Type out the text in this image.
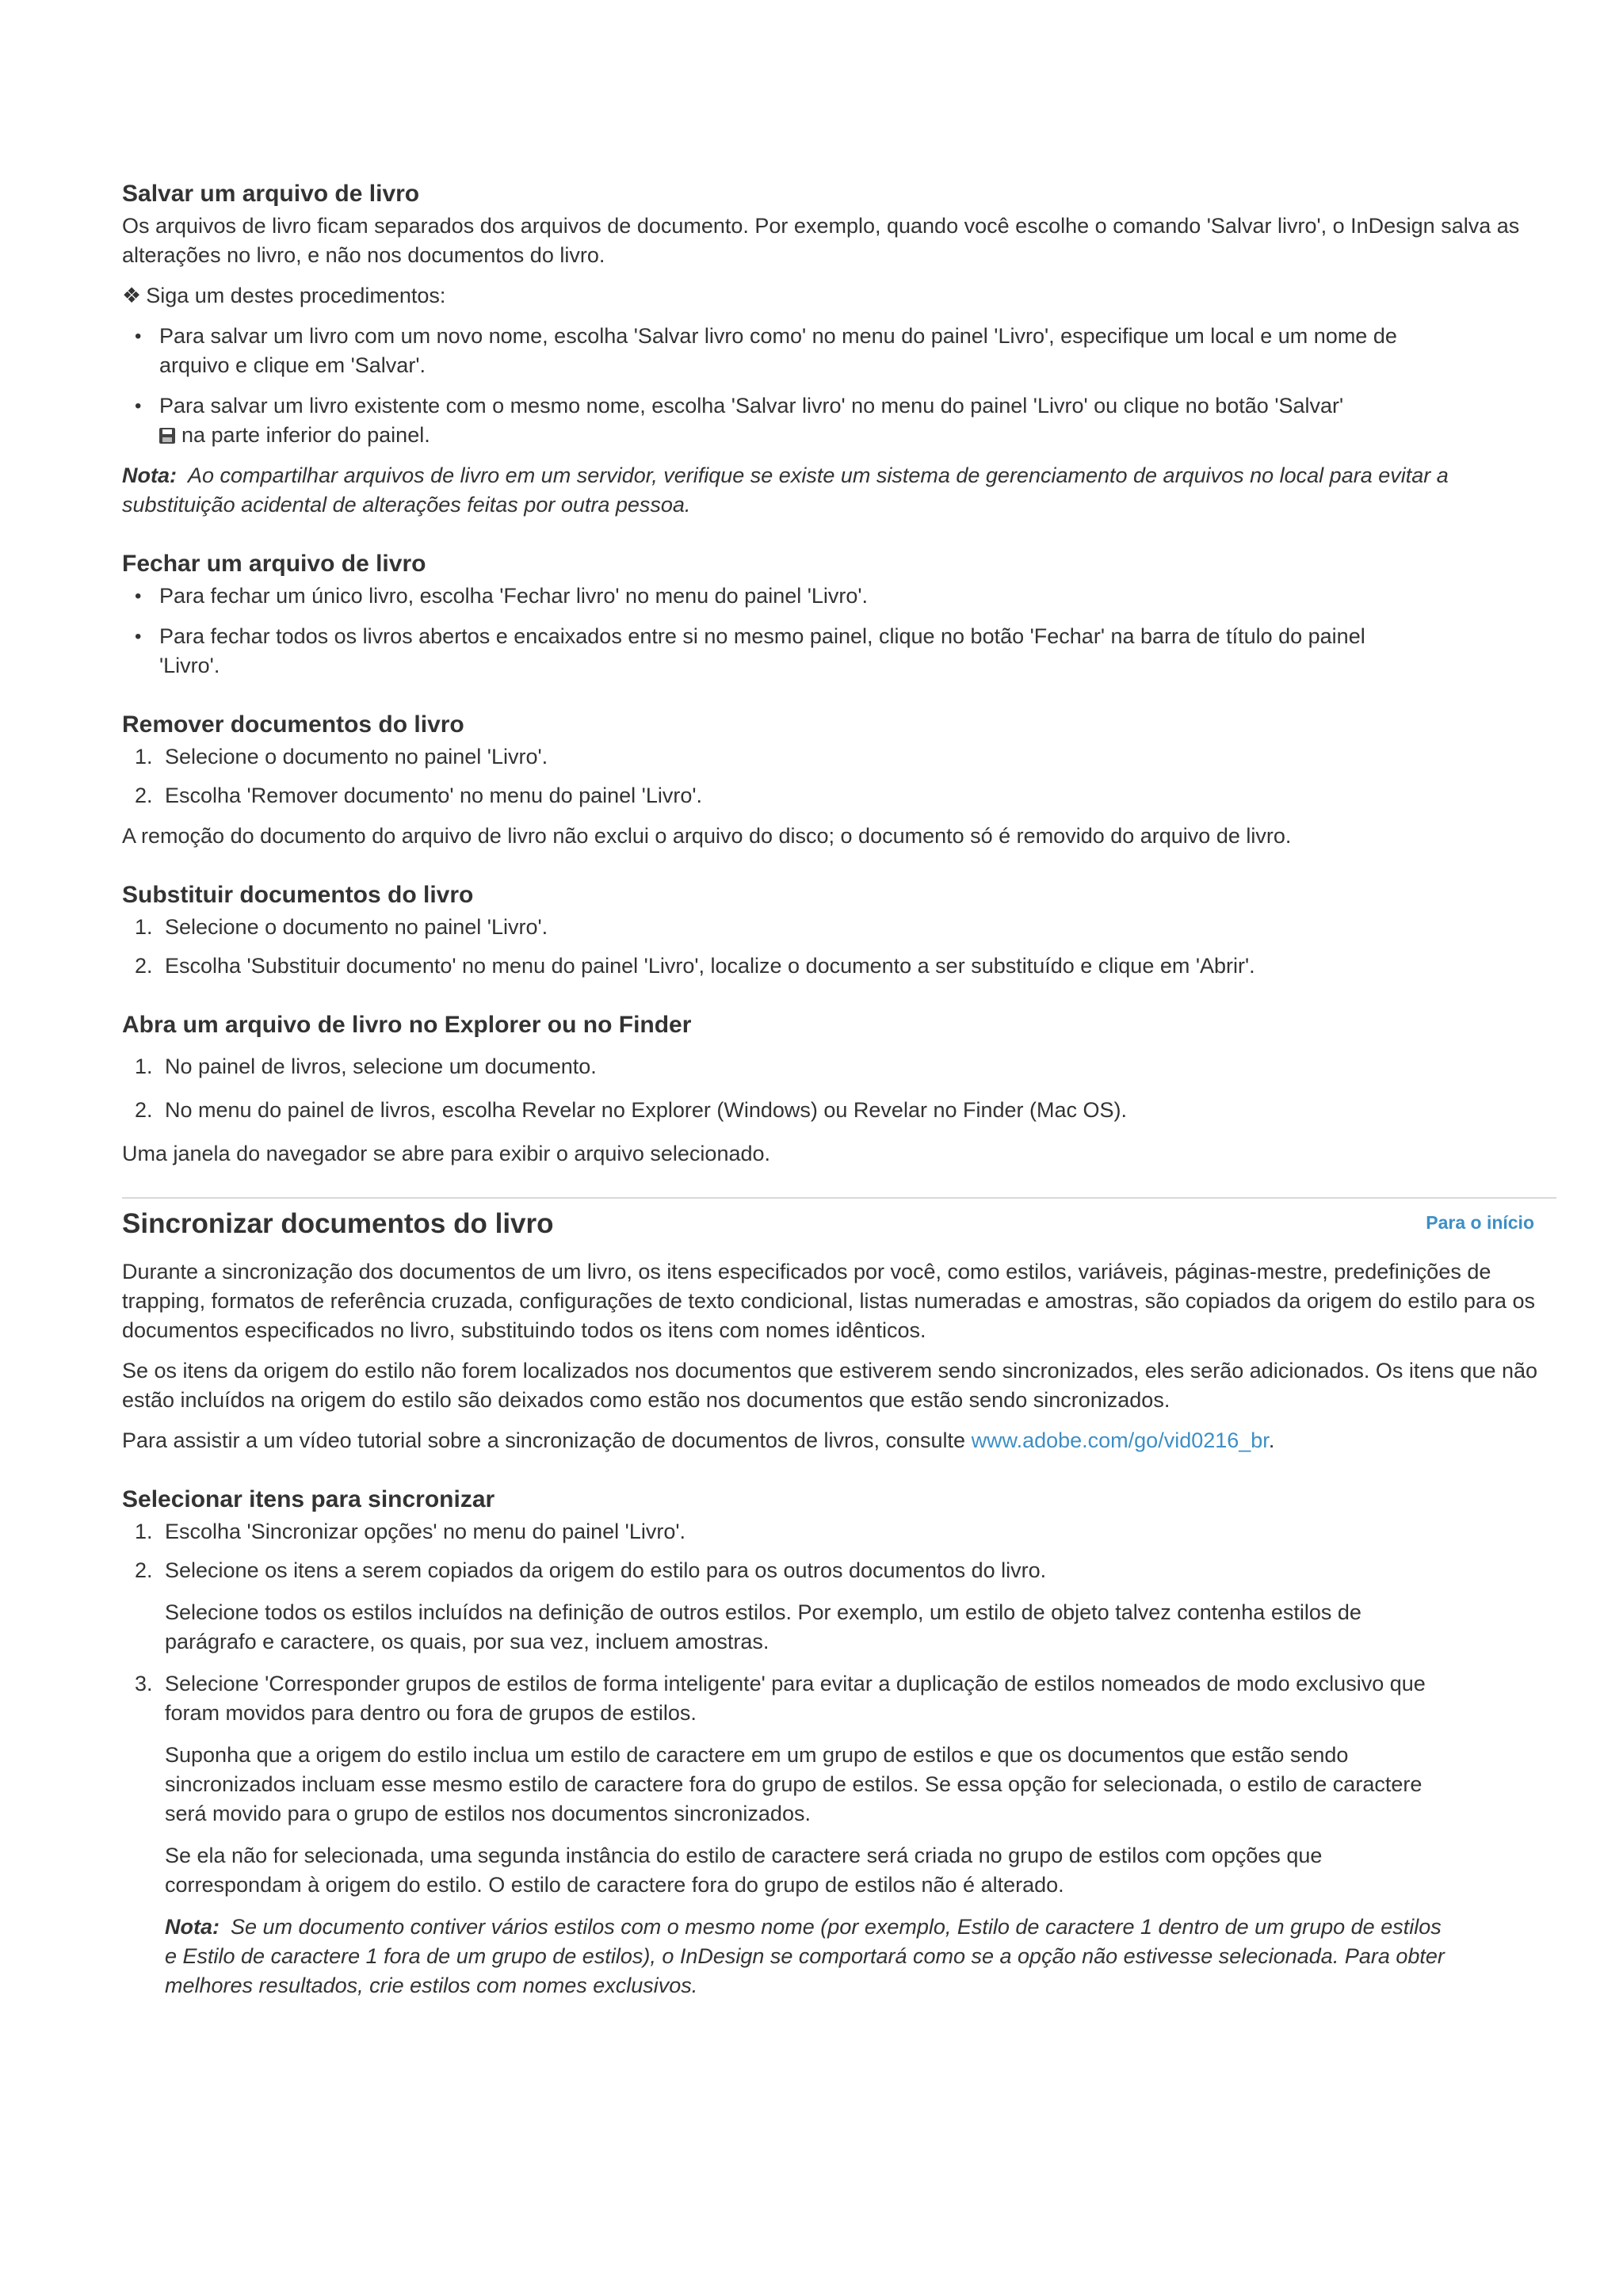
Salvar um arquivo de livro

Os arquivos de livro ficam separados dos arquivos de documento. Por exemplo, quando você escolhe o comando 'Salvar livro', o InDesign salva as alterações no livro, e não nos documentos do livro.

❖ Siga um destes procedimentos:

• Para salvar um livro com um novo nome, escolha 'Salvar livro como' no menu do painel 'Livro', especifique um local e um nome de arquivo e clique em 'Salvar'.
• Para salvar um livro existente com o mesmo nome, escolha 'Salvar livro' no menu do painel 'Livro' ou clique no botão 'Salvar'
na parte inferior do painel.

Nota: Ao compartilhar arquivos de livro em um servidor, verifique se existe um sistema de gerenciamento de arquivos no local para evitar a substituição acidental de alterações feitas por outra pessoa.

Fechar um arquivo de livro
• Para fechar um único livro, escolha 'Fechar livro' no menu do painel 'Livro'.
• Para fechar todos os livros abertos e encaixados entre si no mesmo painel, clique no botão 'Fechar' na barra de título do painel 'Livro'.
Remover documentos do livro
1. Selecione o documento no painel 'Livro'.
2. Escolha 'Remover documento' no menu do painel 'Livro'.

A remoção do documento do arquivo de livro não exclui o arquivo do disco; o documento só é removido do arquivo de livro.

Substituir documentos do livro
1. Selecione o documento no painel 'Livro'.
2. Escolha 'Substituir documento' no menu do painel 'Livro', localize o documento a ser substituído e clique em 'Abrir'.
Abra um arquivo de livro no Explorer ou no Finder
1. No painel de livros, selecione um documento.
2. No menu do painel de livros, escolha Revelar no Explorer (Windows) ou Revelar no Finder (Mac OS).

Uma janela do navegador se abre para exibir o arquivo selecionado.

Sincronizar documentos do livro	Para o início

Durante a sincronização dos documentos de um livro, os itens especificados por você, como estilos, variáveis, páginas-mestre, predefinições de trapping, formatos de referência cruzada, configurações de texto condicional, listas numeradas e amostras, são copiados da origem do estilo para os documentos especificados no livro, substituindo todos os itens com nomes idênticos.

Se os itens da origem do estilo não forem localizados nos documentos que estiverem sendo sincronizados, eles serão adicionados. Os itens que não estão incluídos na origem do estilo são deixados como estão nos documentos que estão sendo sincronizados.

Para assistir a um vídeo tutorial sobre a sincronização de documentos de livros, consulte www.adobe.com/go/vid0216_br.

Selecionar itens para sincronizar
1. Escolha 'Sincronizar opções' no menu do painel 'Livro'.
2. Selecione os itens a serem copiados da origem do estilo para os outros documentos do livro.

Selecione todos os estilos incluídos na definição de outros estilos. Por exemplo, um estilo de objeto talvez contenha estilos de parágrafo e caractere, os quais, por sua vez, incluem amostras.

3. Selecione 'Corresponder grupos de estilos de forma inteligente' para evitar a duplicação de estilos nomeados de modo exclusivo que foram movidos para dentro ou fora de grupos de estilos.

Suponha que a origem do estilo inclua um estilo de caractere em um grupo de estilos e que os documentos que estão sendo sincronizados incluam esse mesmo estilo de caractere fora do grupo de estilos. Se essa opção for selecionada, o estilo de caractere será movido para o grupo de estilos nos documentos sincronizados.

Se ela não for selecionada, uma segunda instância do estilo de caractere será criada no grupo de estilos com opções que correspondam à origem do estilo. O estilo de caractere fora do grupo de estilos não é alterado.

Nota: Se um documento contiver vários estilos com o mesmo nome (por exemplo, Estilo de caractere 1 dentro de um grupo de estilos e Estilo de caractere 1 fora de um grupo de estilos), o InDesign se comportará como se a opção não estivesse selecionada. Para obter melhores resultados, crie estilos com nomes exclusivos.
